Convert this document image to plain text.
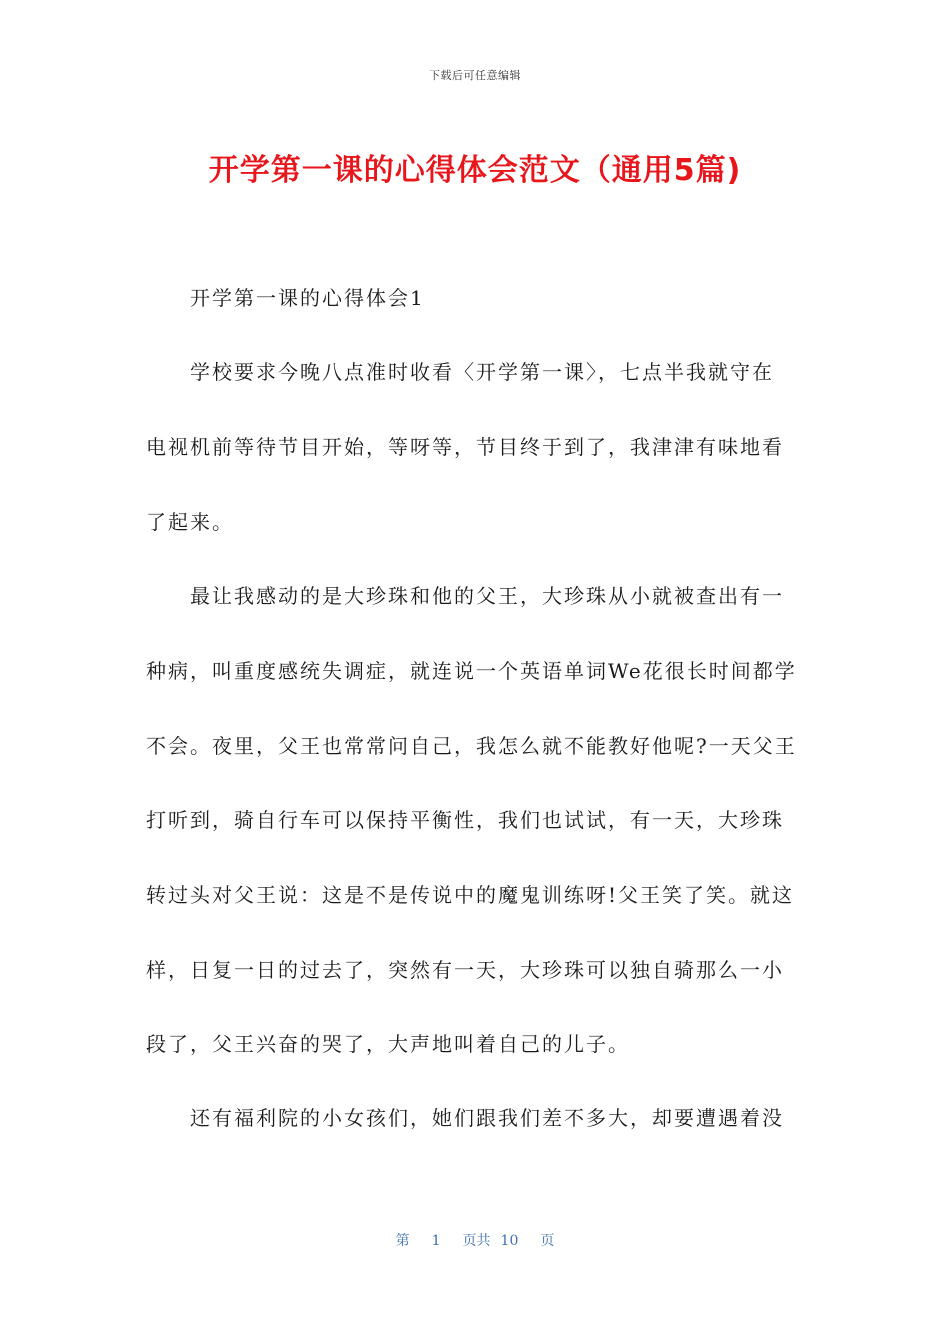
下载后可任意编辑
开学第一课的心得体会范文（通用5篇)
开学第一课的心得体会1
学校要求今晚八点准时收看〈开学第一课〉，七点半我就守在
电视机前等待节目开始，等呀等，节目终于到了，我津津有味地看
了起来。
最让我感动的是大珍珠和他的父王，大珍珠从小就被查出有一
种病，叫重度感统失调症，就连说一个英语单词We花很长时间都学
不会。夜里，父王也常常问自己，我怎么就不能教好他呢?一天父王
打听到，骑自行车可以保持平衡性，我们也试试，有一天，大珍珠
转过头对父王说：这是不是传说中的魔鬼训练呀!父王笑了笑。就这
样，日复一日的过去了，突然有一天，大珍珠可以独自骑那么一小
段了，父王兴奋的哭了，大声地叫着自己的儿子。
还有福利院的小女孩们，她们跟我们差不多大，却要遭遇着没
第 1 页共 10 页
